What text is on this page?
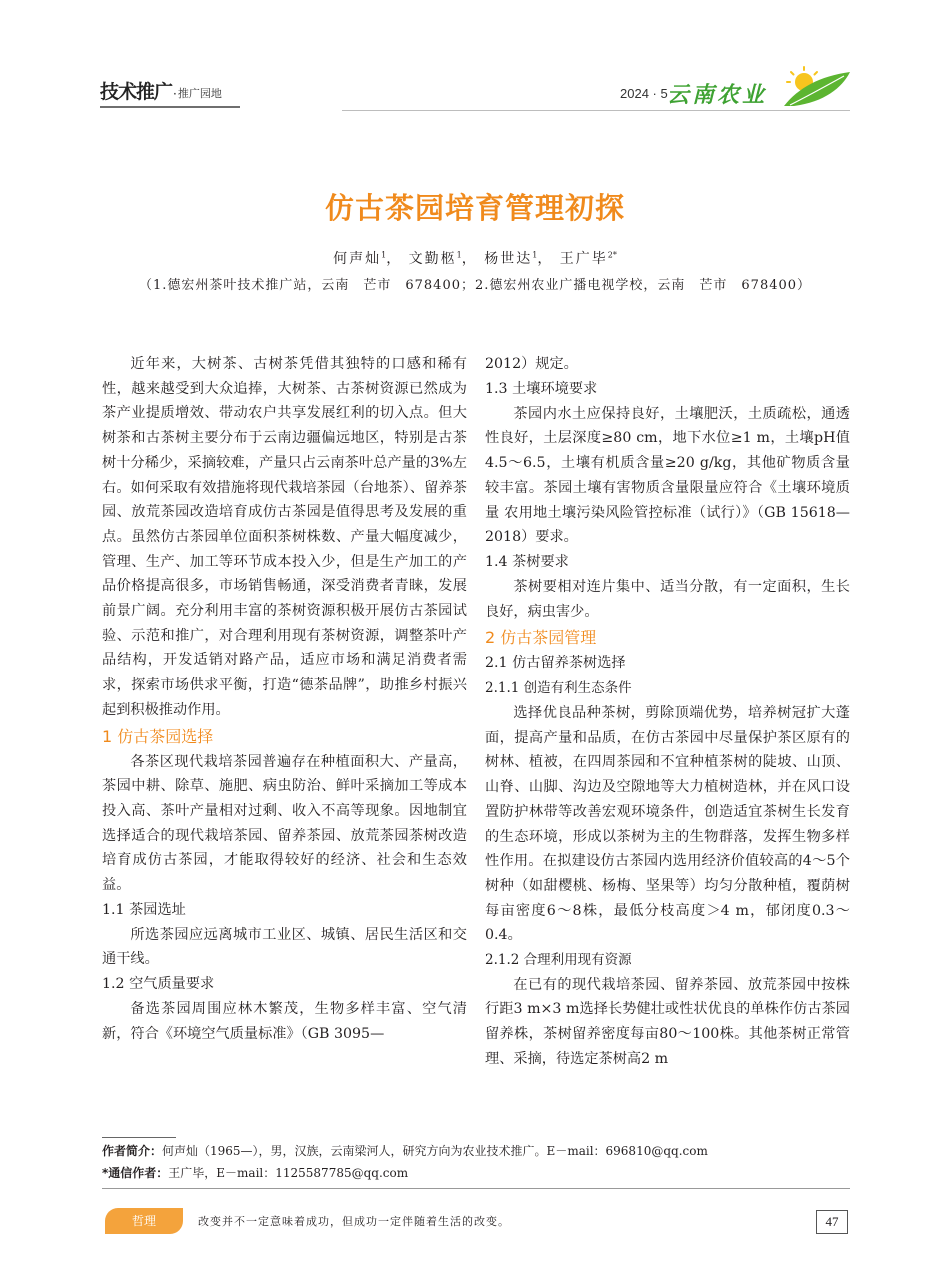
技术推广 · 推广园地	2024 · 5 云南农业
仿古茶园培育管理初探
何声灿$^1$， 文勤柩$^1$， 杨世达$^1$， 王广毕$^{2*}$
（1.德宏州茶叶技术推广站，云南　芒市　678400；2.德宏州农业广播电视学校，云南　芒市　678400）

近年来，大树茶、古树茶凭借其独特的口感和稀有性，越来越受到大众追捧，大树茶、古茶树资源已然成为茶产业提质增效、带动农户共享发展红利的切入点。但大树茶和古茶树主要分布于云南边疆偏远地区，特别是古茶树十分稀少，采摘较难，产量只占云南茶叶总产量的3%左右。如何采取有效措施将现代栽培茶园（台地茶）、留养茶园、放荒茶园改造培育成仿古茶园是值得思考及发展的重点。虽然仿古茶园单位面积茶树株数、产量大幅度减少，管理、生产、加工等环节成本投入少，但是生产加工的产品价格提高很多，市场销售畅通，深受消费者青睐，发展前景广阔。充分利用丰富的茶树资源积极开展仿古茶园试验、示范和推广，对合理利用现有茶树资源，调整茶叶产品结构，开发适销对路产品，适应市场和满足消费者需求，探索市场供求平衡，打造“德茶品牌”，助推乡村振兴起到积极推动作用。

1 仿古茶园选择

各茶区现代栽培茶园普遍存在种植面积大、产量高，茶园中耕、除草、施肥、病虫防治、鲜叶采摘加工等成本投入高、茶叶产量相对过剩、收入不高等现象。因地制宜选择适合的现代栽培茶园、留养茶园、放荒茶园茶树改造培育成仿古茶园，才能取得较好的经济、社会和生态效益。

1.1 茶园选址

所选茶园应远离城市工业区、城镇、居民生活区和交通干线。

1.2 空气质量要求

备选茶园周围应林木繁茂，生物多样丰富、空气清新，符合《环境空气质量标准》（GB 3095—

2012）规定。

1.3 土壤环境要求

茶园内水土应保持良好，土壤肥沃，土质疏松，通透性良好，土层深度≥80 cm，地下水位≥1 m，土壤pH值4.5～6.5，土壤有机质含量≥20 g/kg，其他矿物质含量较丰富。茶园土壤有害物质含量限量应符合《土壤环境质量 农用地土壤污染风险管控标准（试行）》（GB 15618—2018）要求。

1.4 茶树要求

茶树要相对连片集中、适当分散，有一定面积，生长良好，病虫害少。

2 仿古茶园管理
2.1 仿古留养茶树选择
2.1.1 创造有利生态条件

选择优良品种茶树，剪除顶端优势，培养树冠扩大蓬面，提高产量和品质，在仿古茶园中尽量保护茶区原有的树林、植被，在四周茶园和不宜种植茶树的陡坡、山顶、山脊、山脚、沟边及空隙地等大力植树造林，并在风口设置防护林带等改善宏观环境条件，创造适宜茶树生长发育的生态环境，形成以茶树为主的生物群落，发挥生物多样性作用。在拟建设仿古茶园内选用经济价值较高的4～5个树种（如甜樱桃、杨梅、坚果等）均匀分散种植，覆荫树每亩密度6～8株，最低分枝高度＞4 m，郁闭度0.3～0.4。

2.1.2 合理利用现有资源

在已有的现代栽培茶园、留养茶园、放荒茶园中按株行距3 m×3 m选择长势健壮或性状优良的单株作仿古茶园留养株，茶树留养密度每亩80～100株。其他茶树正常管理、采摘，待选定茶树高2 m

作者简介：何声灿（1965—），男，汉族，云南梁河人，研究方向为农业技术推广。E－mail：696810@qq.com
*通信作者：王广毕，E－mail：1125587785@qq.com
哲理	改变并不一定意味着成功，但成功一定伴随着生活的改变。	47
